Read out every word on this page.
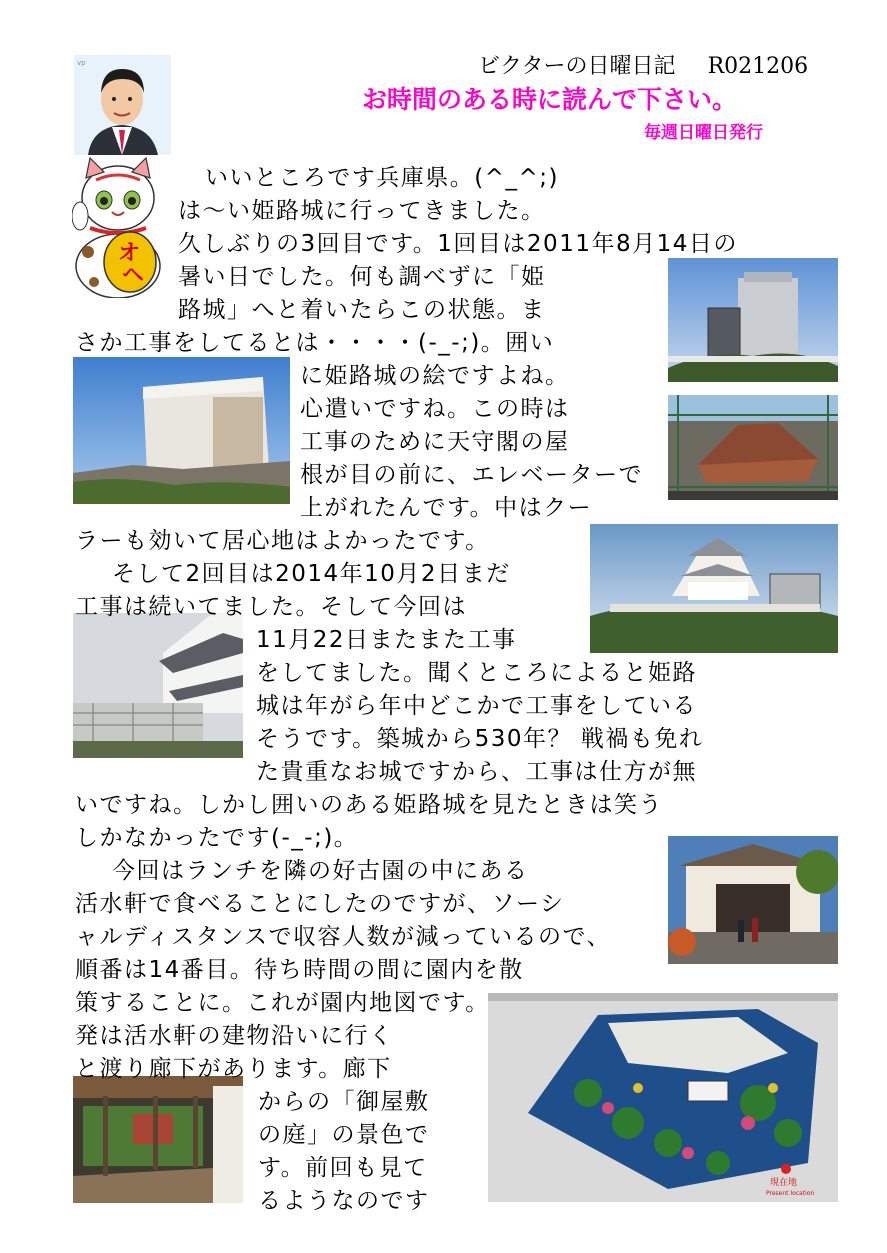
ビクターの日曜日記 R021206
お時間のある時に読んで下さい。
毎週日曜日発行
vp
オ
ヘ
現在地
Present location
いいところです兵庫県。(^_^;)
は～い姫路城に行ってきました。
久しぶりの3回目です。1回目は2011年8月14日の
暑い日でした。何も調べずに「姫
路城」へと着いたらこの状態。ま
さか工事をしてるとは・・・・(-_-;)。囲い
に姫路城の絵ですよね。
心遣いですね。この時は
工事のために天守閣の屋
根が目の前に、エレベーターで
上がれたんです。中はクー
ラーも効いて居心地はよかったです。
そして2回目は2014年10月2日まだ
工事は続いてました。そして今回は
11月22日またまた工事
をしてました。聞くところによると姫路
城は年がら年中どこかで工事をしている
そうです。築城から530年？ 戦禍も免れ
た貴重なお城ですから、工事は仕方が無
いですね。しかし囲いのある姫路城を見たときは笑う
しかなかったです(-_-;)。
今回はランチを隣の好古園の中にある
活水軒で食べることにしたのですが、ソーシ
ャルディスタンスで収容人数が減っているので、
順番は14番目。待ち時間の間に園内を散
策することに。これが園内地図です。
発は活水軒の建物沿いに行く
と渡り廊下があります。廊下
からの「御屋敷
の庭」の景色で
す。前回も見て
るようなのです
